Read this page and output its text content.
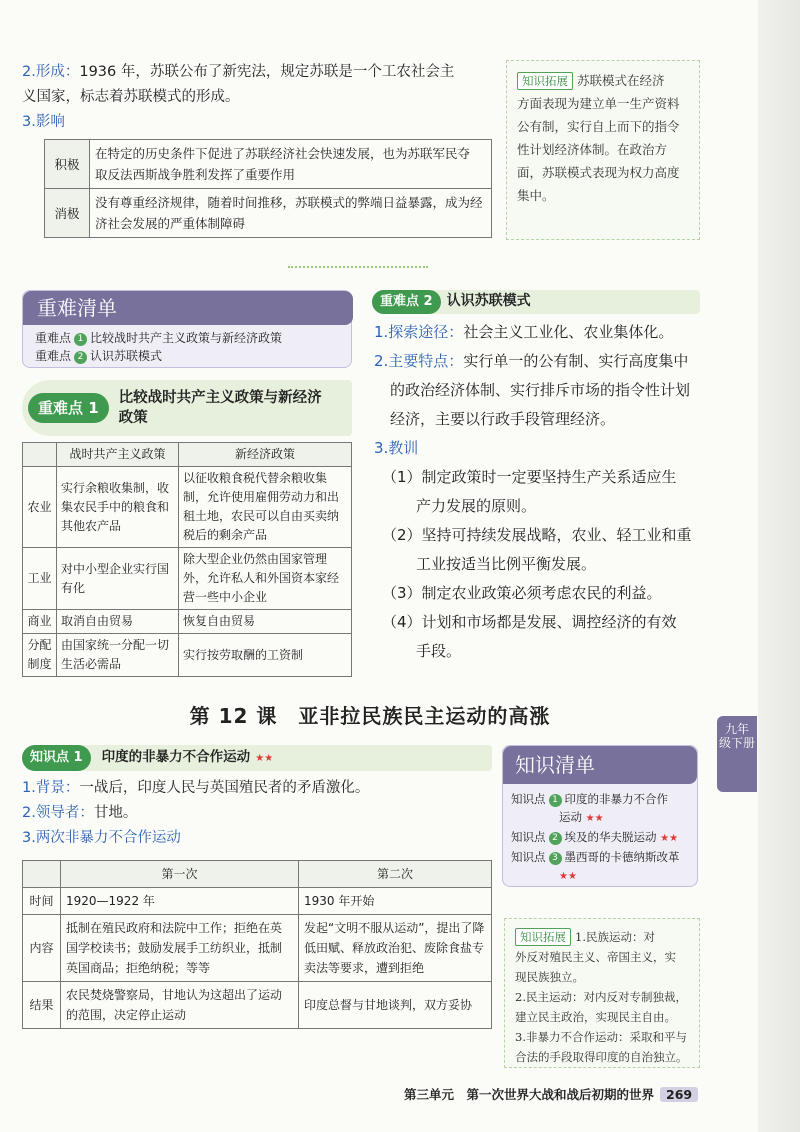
2.形成：1936 年，苏联公布了新宪法，规定苏联是一个工农社会主
义国家，标志着苏联模式的形成。
3.影响
积极	在特定的历史条件下促进了苏联经济社会快速发展，也为苏联军民夺
取反法西斯战争胜利发挥了重要作用

消极	没有尊重经济规律，随着时间推移，苏联模式的弊端日益暴露，成为经
济社会发展的严重体制障碍
知识拓展 苏联模式在经济
方面表现为建立单一生产资料
公有制，实行自上而下的指令
性计划经济体制。在政治方
面，苏联模式表现为权力高度
集中。
重难清单
重难点 1 比较战时共产主义政策与新经济政策
重难点 2 认识苏联模式
重难点 1
比较战时共产主义政策与新经济
政策
	战时共产主义政策	新经济政策
农业	实行余粮收集制，收集农民手中的粮食和其他农产品	以征收粮食税代替余粮收集制，允许使用雇佣劳动力和出租土地，农民可以自由买卖纳税后的剩余产品
工业	对中小型企业实行国有化	除大型企业仍然由国家管理外，允许私人和外国资本家经营一些中小企业
商业	取消自由贸易	恢复自由贸易
分配制度	由国家统一分配一切生活必需品	实行按劳取酬的工资制
重难点 2 认识苏联模式
1.探索途径：社会主义工业化、农业集体化。
2.主要特点：实行单一的公有制、实行高度集中
的政治经济体制、实行排斥市场的指令性计划
经济，主要以行政手段管理经济。
3.教训
（1）制定政策时一定要坚持生产关系适应生
产力发展的原则。
（2）坚持可持续发展战略，农业、轻工业和重
工业按适当比例平衡发展。
（3）制定农业政策必须考虑农民的利益。
（4）计划和市场都是发展、调控经济的有效
手段。
第 12 课　亚非拉民族民主运动的高涨
九年
级下册
知识点 1 印度的非暴力不合作运动 ★★
1.背景：一战后，印度人民与英国殖民者的矛盾激化。
2.领导者：甘地。
3.两次非暴力不合作运动
	第一次	第二次
时间	1920—1922 年	1930 年开始
内容	抵制在殖民政府和法院中工作；拒绝在英国学校读书；鼓励发展手工纺织业，抵制英国商品；拒绝纳税；等等	发起“文明不服从运动”，提出了降低田赋、释放政治犯、废除食盐专卖法等要求，遭到拒绝
结果	农民焚烧警察局，甘地认为这超出了运动的范围，决定停止运动	印度总督与甘地谈判，双方妥协
知识清单
知识点 1 印度的非暴力不合作
运动 ★★
知识点 2 埃及的华夫脱运动 ★★
知识点 3 墨西哥的卡德纳斯改革
★★
知识拓展 1.民族运动：对
外反对殖民主义、帝国主义，实
现民族独立。
2.民主运动：对内反对专制独裁，
建立民主政治，实现民主自由。
3.非暴力不合作运动：采取和平与
合法的手段取得印度的自治独立。
第三单元　第一次世界大战和战后初期的世界 269
